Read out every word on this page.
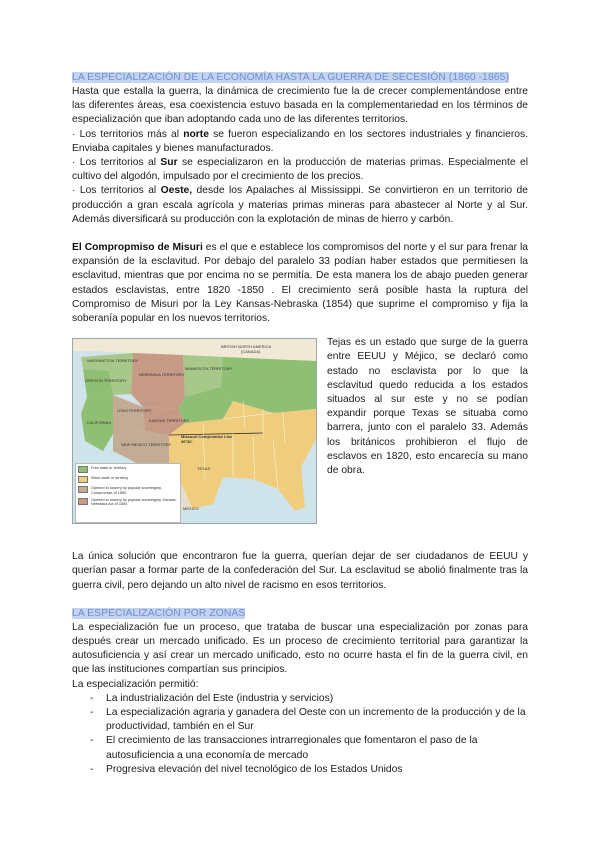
LA ESPECIALIZACIÓN DE LA ECONOMÍA HASTA LA GUERRA DE SECESIÓN (1860 -1865)

Hasta que estalla la guerra, la dinámica de crecimiento fue la de crecer complementándose entre las diferentes áreas, esa coexistencia estuvo basada en la complementariedad en los términos de especialización que iban adoptando cada uno de las diferentes territorios.

· Los territorios más al norte se fueron especializando en los sectores industriales y financieros. Enviaba capitales y bienes manufacturados.

· Los territorios al Sur se especializaron en la producción de materias primas. Especialmente el cultivo del algodón, impulsado por el crecimiento de los precios.

· Los territorios al Oeste, desde los Apalaches al Mississippi. Se convirtieron en un territorio de producción a gran escala agrícola y materias primas mineras para abastecer al Norte y al Sur. Además diversificará su producción con la explotación de minas de hierro y carbón.

El Compropmiso de Misuri es el que e establece los compromisos del norte y el sur para frenar la expansión de la esclavitud. Por debajo del paralelo 33 podían haber estados que permitiesen la esclavitud, mientras que por encima no se permitía. De esta manera los de abajo pueden generar estados esclavistas, entre 1820 -1850 . El crecimiento será posible hasta la ruptura del Compromiso de Misuri por la Ley Kansas-Nebraska (1854) que suprime el compromiso y fija la soberanía popular en los nuevos territorios.

BRITISH NORTH AMERICA
(CANADA)
WASHINGTON TERRITORY
OREGON TERRITORY
NEBRASKA TERRITORY
MINNESOTA TERRITORY
UTAH TERRITORY
KANSAS TERRITORY
CALIFORNIA
NEW MEXICO TERRITORY
Missouri Compromise Line 36°30'
TEXAS
MEXICO
Free state or territory
Slave state or territory
Opened to slavery by popular sovereignty, Compromise of 1850
Opened to slavery by popular sovereignty, Kansas-Nebraska Act of 1854

Tejas es un estado que surge de la guerra entre EEUU y Méjico, se declaró como estado no esclavista por lo que la esclavitud quedo reducida a los estados situados al sur este y no se podían expandir porque Texas se situaba como barrera, junto con el paralelo 33. Además los británicos prohibieron el flujo de esclavos en 1820, esto encarecía su mano de obra.

La única solución que encontraron fue la guerra, querían dejar de ser ciudadanos de EEUU y querían pasar a formar parte de la confederación del Sur. La esclavitud se abolió finalmente tras la guerra civil, pero dejando un alto nivel de racismo en esos territorios.

LA ESPECIALIZACIÓN POR ZONAS

La especialización fue un proceso, que trataba de buscar una especialización por zonas para después crear un mercado unificado. Es un proceso de crecimiento territorial para garantizar la autosuficiencia y así crear un mercado unificado, esto no ocurre hasta el fin de la guerra civil, en que las instituciones compartían sus principios.

La especialización permitió:

- La industrialización del Este (industria y servicios)
- La especialización agraria y ganadera del Oeste con un incremento de la producción y de la productividad, también en el Sur
- El crecimiento de las transacciones intrarregionales que fomentaron el paso de la autosuficiencia a una economía de mercado
- Progresiva elevación del nivel tecnológico de los Estados Unidos
